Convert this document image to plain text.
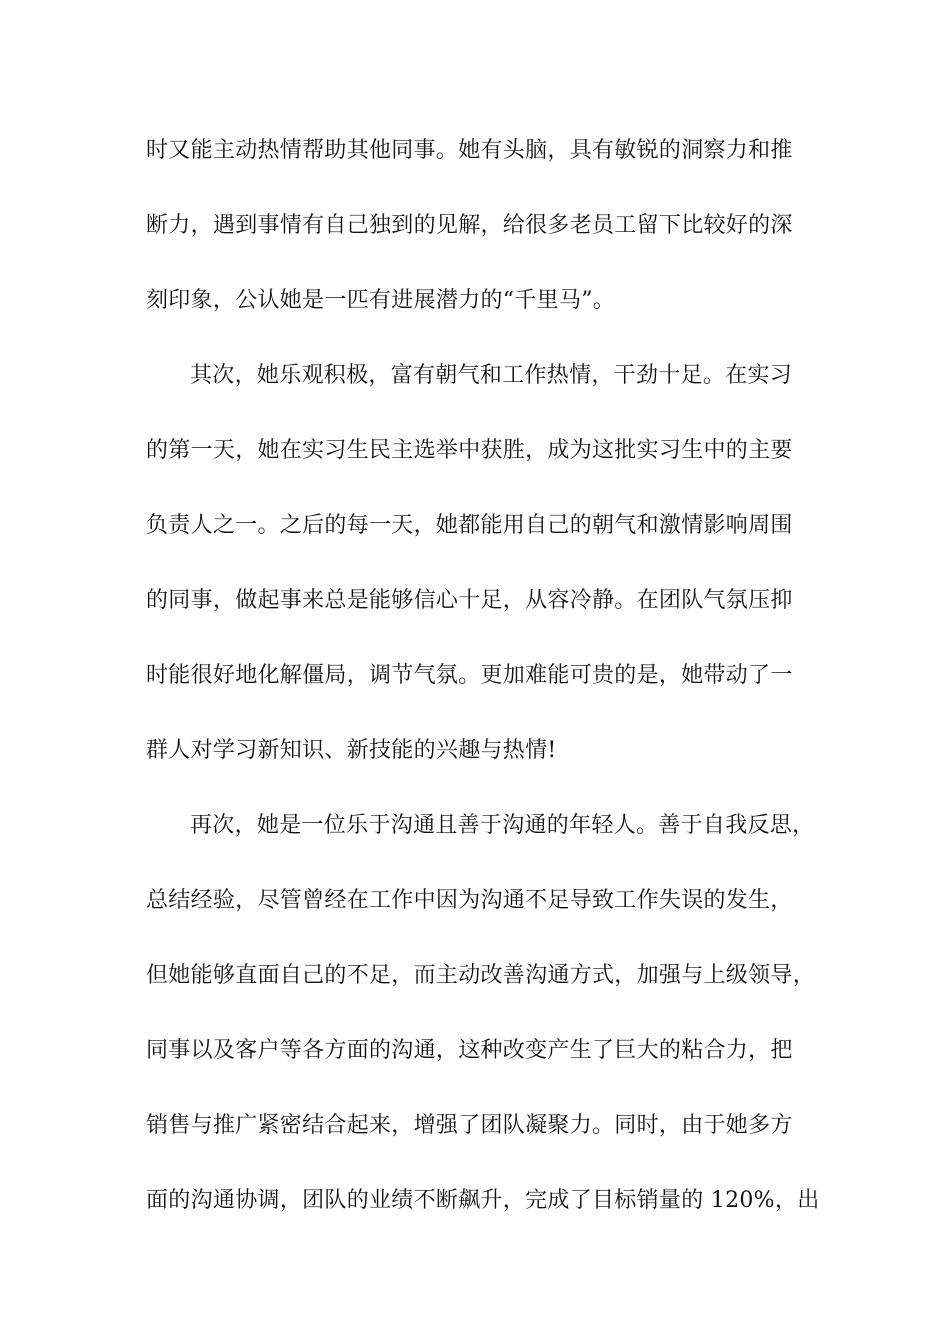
时又能主动热情帮助其他同事。她有头脑，具有敏锐的洞察力和推
断力，遇到事情有自己独到的见解，给很多老员工留下比较好的深
刻印象，公认她是一匹有进展潜力的“千里马”。
其次，她乐观积极，富有朝气和工作热情，干劲十足。在实习
的第一天，她在实习生民主选举中获胜，成为这批实习生中的主要
负责人之一。之后的每一天，她都能用自己的朝气和激情影响周围
的同事，做起事来总是能够信心十足，从容冷静。在团队气氛压抑
时能很好地化解僵局，调节气氛。更加难能可贵的是，她带动了一
群人对学习新知识、新技能的兴趣与热情!
再次，她是一位乐于沟通且善于沟通的年轻人。善于自我反思，
总结经验，尽管曾经在工作中因为沟通不足导致工作失误的发生，
但她能够直面自己的不足，而主动改善沟通方式，加强与上级领导，
同事以及客户等各方面的沟通，这种改变产生了巨大的粘合力，把
销售与推广紧密结合起来，增强了团队凝聚力。同时，由于她多方
面的沟通协调，团队的业绩不断飙升，完成了目标销量的 120%，出
